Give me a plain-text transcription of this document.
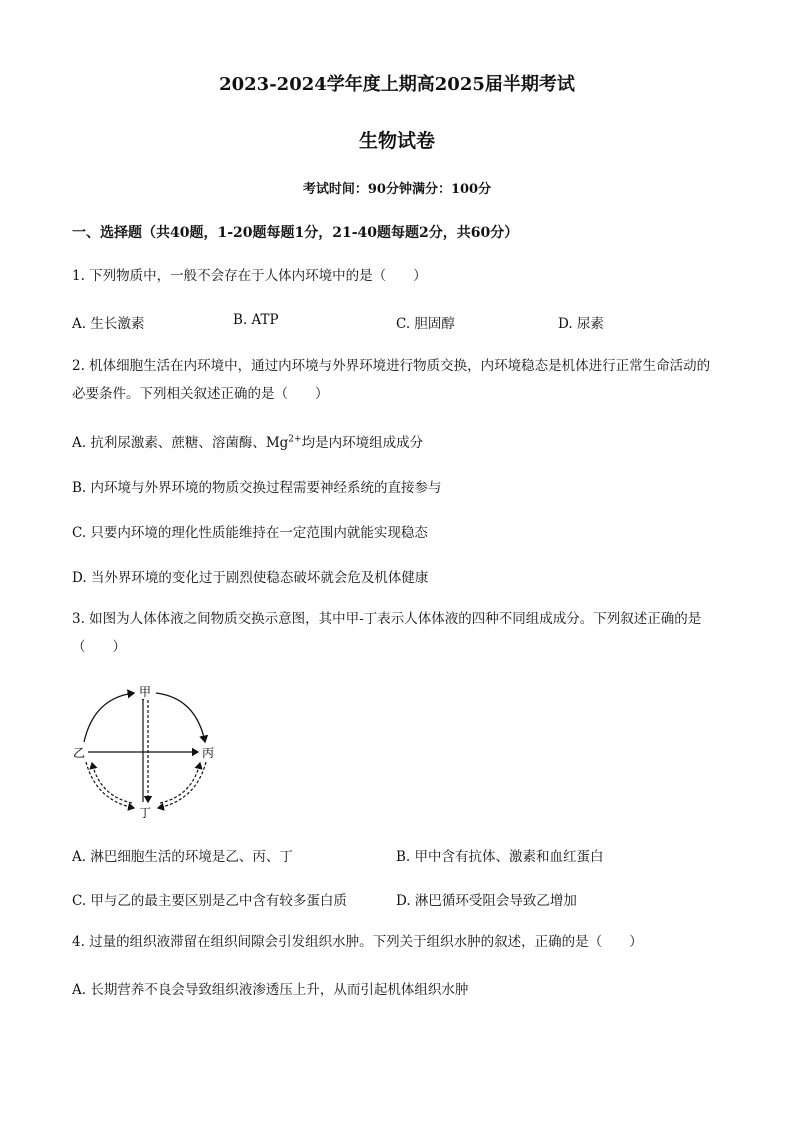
2023-2024学年度上期高2025届半期考试
生物试卷
考试时间：90分钟满分：100分
一、选择题（共40题，1-20题每题1分，21-40题每题2分，共60分）
1. 下列物质中，一般不会存在于人体内环境中的是（　　）
A. 生长激素	B. ATP	C. 胆固醇	D. 尿素
2. 机体细胞生活在内环境中，通过内环境与外界环境进行物质交换，内环境稳态是机体进行正常生命活动的必要条件。下列相关叙述正确的是（　　）
A. 抗利尿激素、蔗糖、溶菌酶、$Mg^{2+}$均是内环境组成成分
B. 内环境与外界环境的物质交换过程需要神经系统的直接参与
C. 只要内环境的理化性质能维持在一定范围内就能实现稳态
D. 当外界环境的变化过于剧烈使稳态破坏就会危及机体健康
3. 如图为人体体液之间物质交换示意图，其中甲-丁表示人体体液的四种不同组成成分。下列叙述正确的是（　　）
甲
乙	丙
丁
A. 淋巴细胞生活的环境是乙、丙、丁	B. 甲中含有抗体、激素和血红蛋白
C. 甲与乙的最主要区别是乙中含有较多蛋白质	D. 淋巴循环受阻会导致乙增加
4. 过量的组织液滞留在组织间隙会引发组织水肿。下列关于组织水肿的叙述，正确的是（　　）
A. 长期营养不良会导致组织液渗透压上升，从而引起机体组织水肿
